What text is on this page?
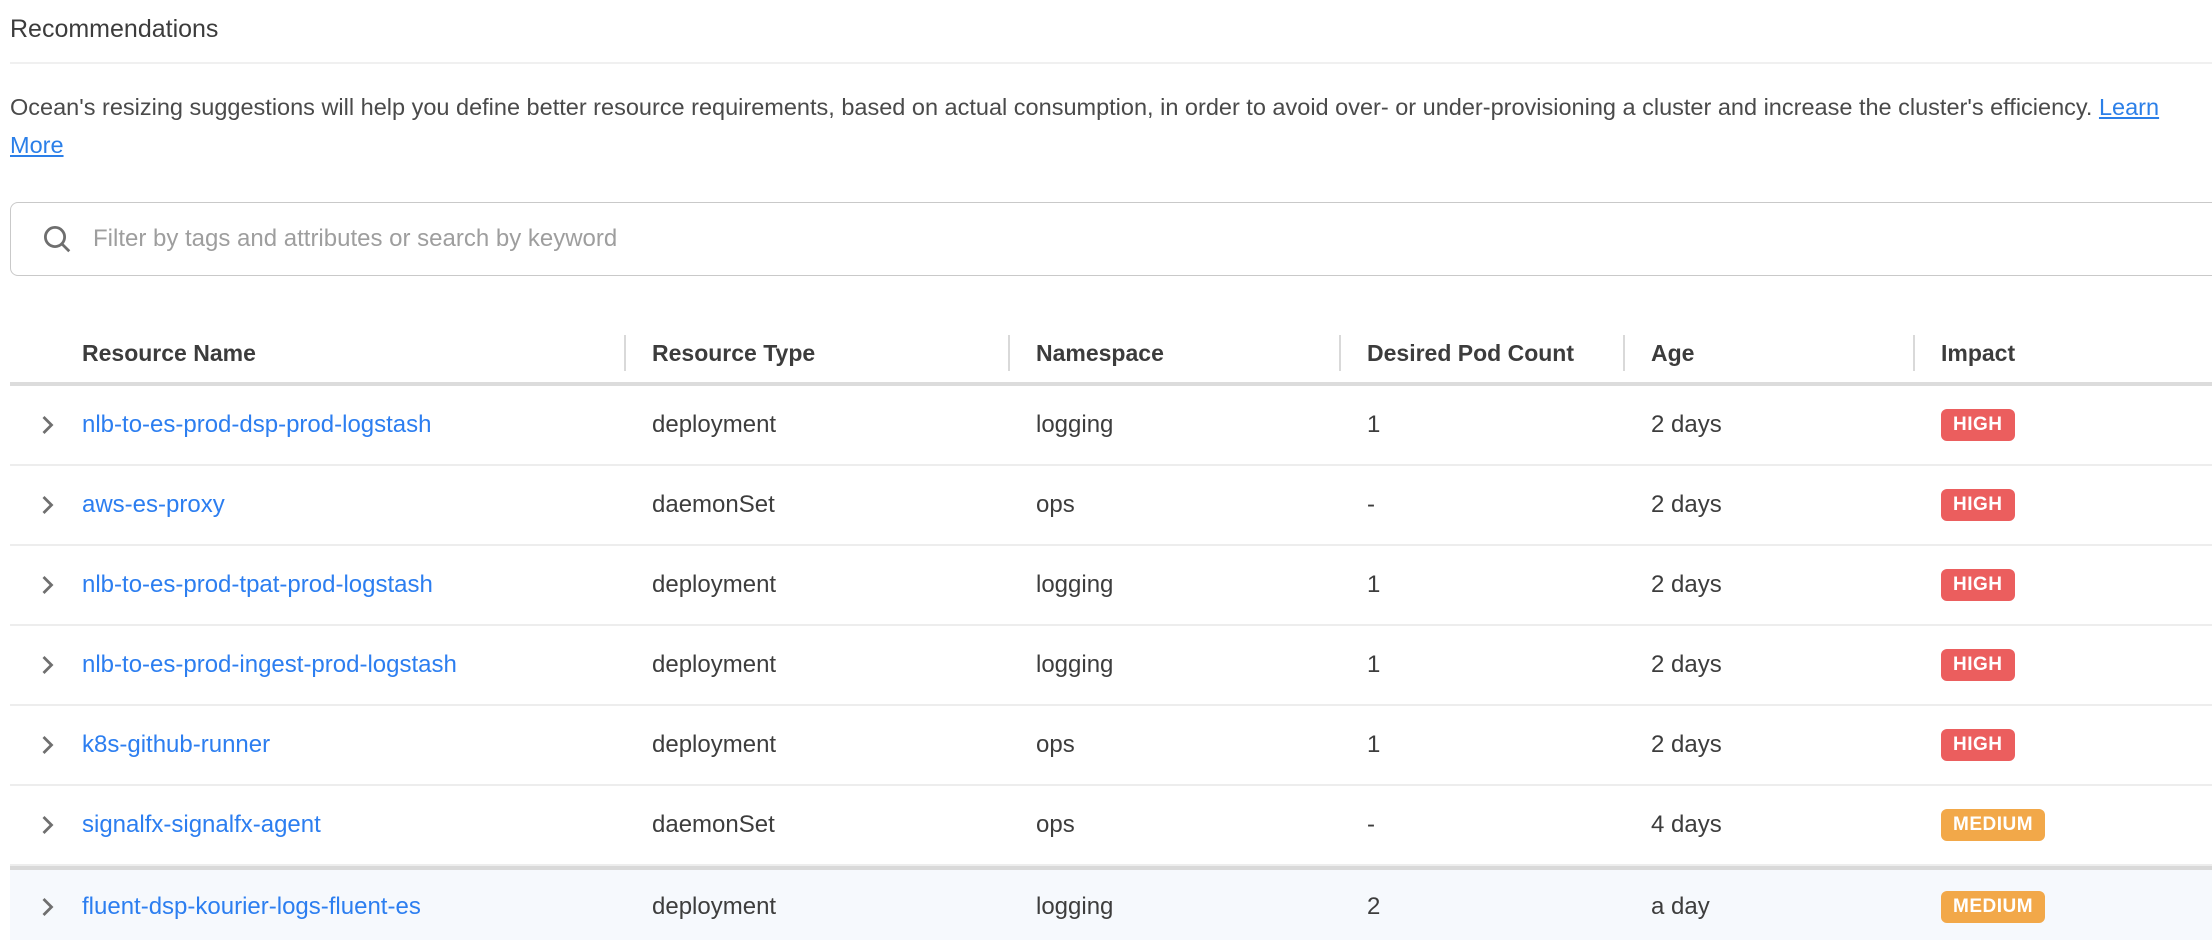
Recommendations

Ocean's resizing suggestions will help you define better resource requirements, based on actual consumption, in order to avoid over- or under-provisioning a cluster and increase the cluster's efficiency. Learn More

Filter by tags and attributes or search by keyword
Resource Name	Resource Type	Namespace	Desired Pod Count	Age	Impact
nlb-to-es-prod-dsp-prod-logstash	deployment	logging	1	2 days	HIGH
aws-es-proxy	daemonSet	ops	-	2 days	HIGH
nlb-to-es-prod-tpat-prod-logstash	deployment	logging	1	2 days	HIGH
nlb-to-es-prod-ingest-prod-logstash	deployment	logging	1	2 days	HIGH
k8s-github-runner	deployment	ops	1	2 days	HIGH
signalfx-signalfx-agent	daemonSet	ops	-	4 days	MEDIUM
fluent-dsp-kourier-logs-fluent-es	deployment	logging	2	a day	MEDIUM
